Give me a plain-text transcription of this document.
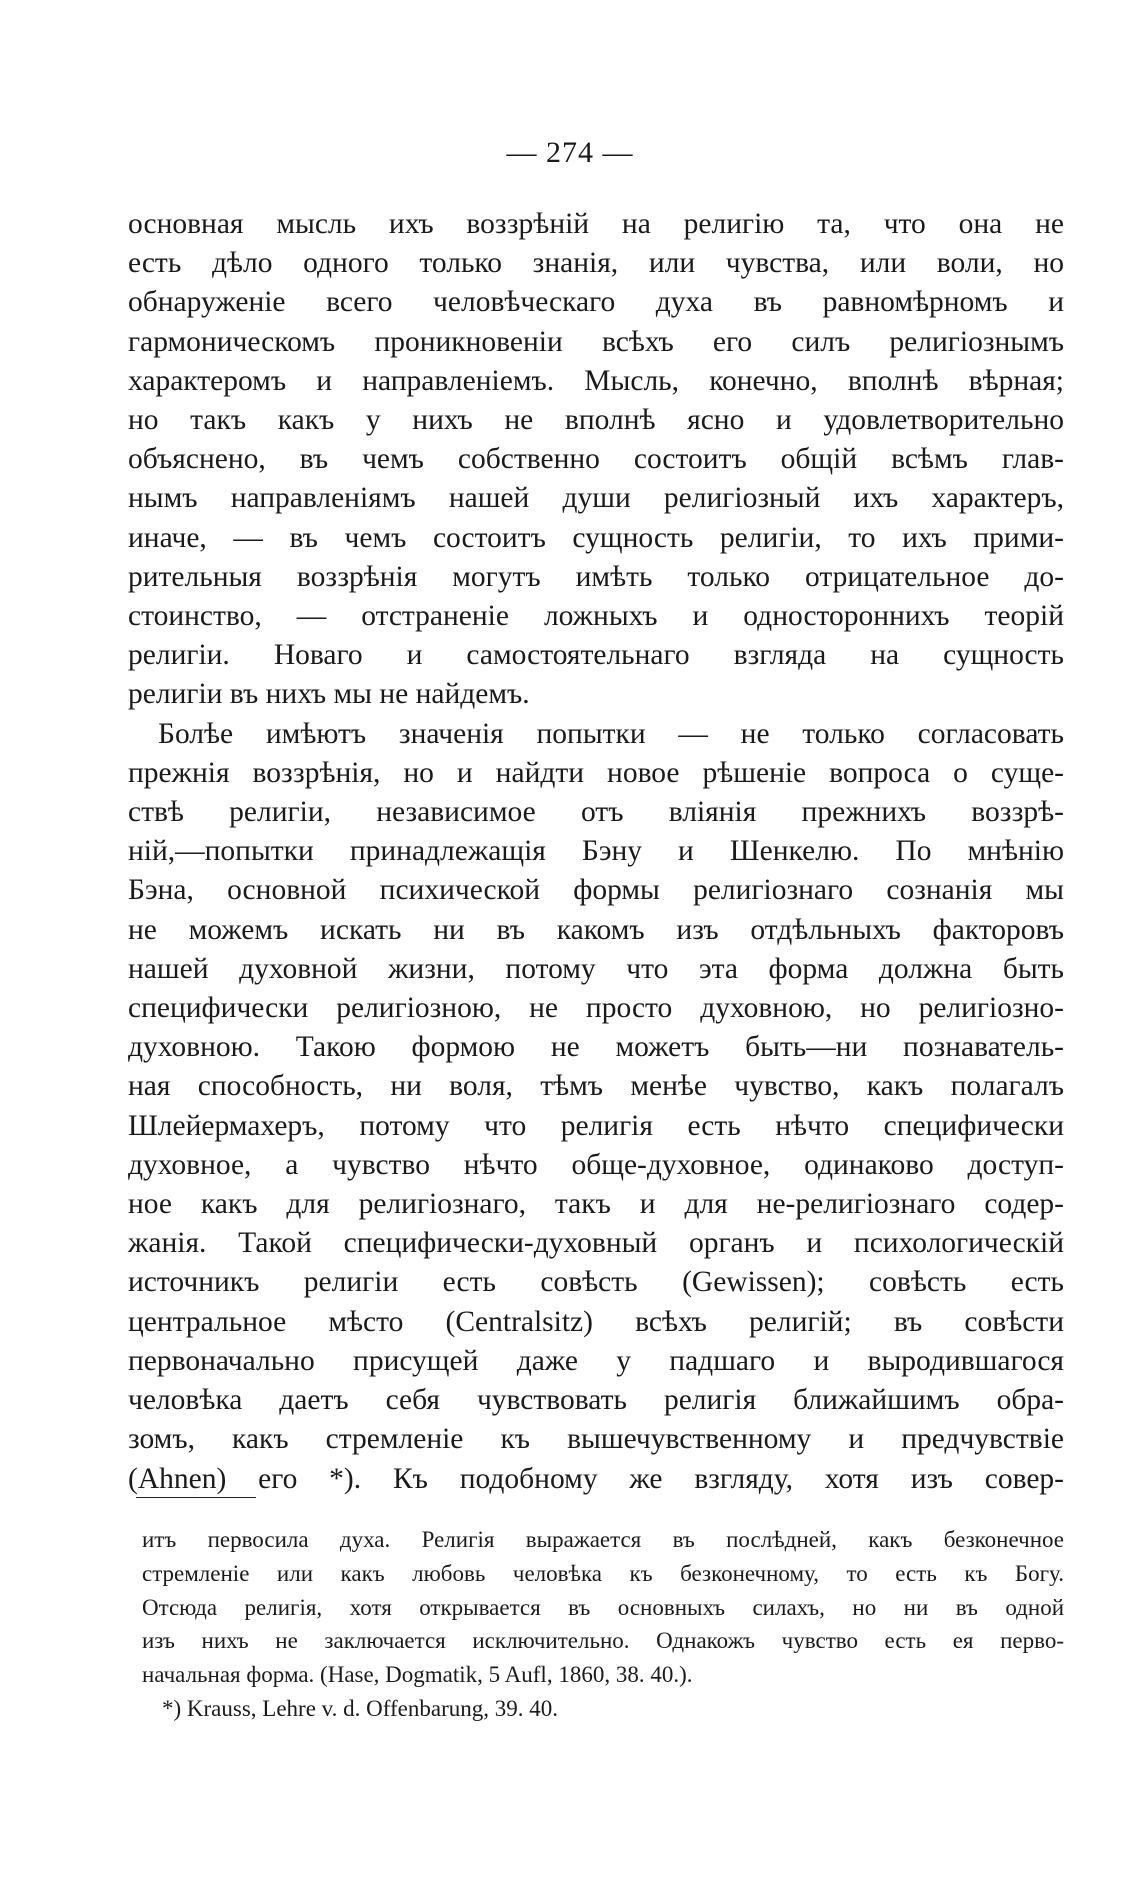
— 274 —
основная мысль ихъ воззрѣній на религію та, что она не
есть дѣло одного только знанія, или чувства, или воли, но
обнаруженіе всего человѣческаго духа въ равномѣрномъ и
гармоническомъ проникновеніи всѣхъ его силъ религіознымъ
характеромъ и направленіемъ. Мысль, конечно, вполнѣ вѣрная;
но такъ какъ у нихъ не вполнѣ ясно и удовлетворительно
объяснено, въ чемъ собственно состоитъ общій всѣмъ глав-
нымъ направленіямъ нашей души религіозный ихъ характеръ,
иначе, — въ чемъ состоитъ сущность религіи, то ихъ прими-
рительныя воззрѣнія могутъ имѣть только отрицательное до-
стоинство, — отстраненіе ложныхъ и одностороннихъ теорій
религіи. Новаго и самостоятельнаго взгляда на сущность
религіи въ нихъ мы не найдемъ.
Болѣе имѣютъ значенія попытки — не только согласовать
прежнія воззрѣнія, но и найдти новое рѣшеніе вопроса о суще-
ствѣ религіи, независимое отъ вліянія прежнихъ воззрѣ-
ній,—попытки принадлежащія Бэну и Шенкелю. По мнѣнію
Бэна, основной психической формы религіознаго сознанія мы
не можемъ искать ни въ какомъ изъ отдѣльныхъ факторовъ
нашей духовной жизни, потому что эта форма должна быть
специфически религіозною, не просто духовною, но религіозно-
духовною. Такою формою не можетъ быть—ни познаватель-
ная способность, ни воля, тѣмъ менѣе чувство, какъ полагалъ
Шлейермахеръ, потому что религія есть нѣчто специфически
духовное, а чувство нѣчто обще-духовное, одинаково доступ-
ное какъ для религіознаго, такъ и для не-религіознаго содер-
жанія. Такой специфически-духовный органъ и психологическій
источникъ религіи есть совѣсть (Gewissen); совѣсть есть
центральное мѣсто (Centralsitz) всѣхъ религій; въ совѣсти
первоначально присущей даже у падшаго и выродившагося
человѣка даетъ себя чувствовать религія ближайшимъ обра-
зомъ, какъ стремленіе къ вышечувственному и предчувствіе
(Ahnen) его *). Къ подобному же взгляду, хотя изъ совер-
итъ первосила духа. Религія выражается въ послѣдней, какъ безконечное
стремленіе или какъ любовь человѣка къ безконечному, то есть къ Богу.
Отсюда религія, хотя открывается въ основныхъ силахъ, но ни въ одной
изъ нихъ не заключается исключительно. Однакожъ чувство есть ея перво-
начальная форма. (Hase, Dogmatik, 5 Aufl, 1860, 38. 40.).
*) Krauss, Lehre v. d. Offenbarung, 39. 40.
